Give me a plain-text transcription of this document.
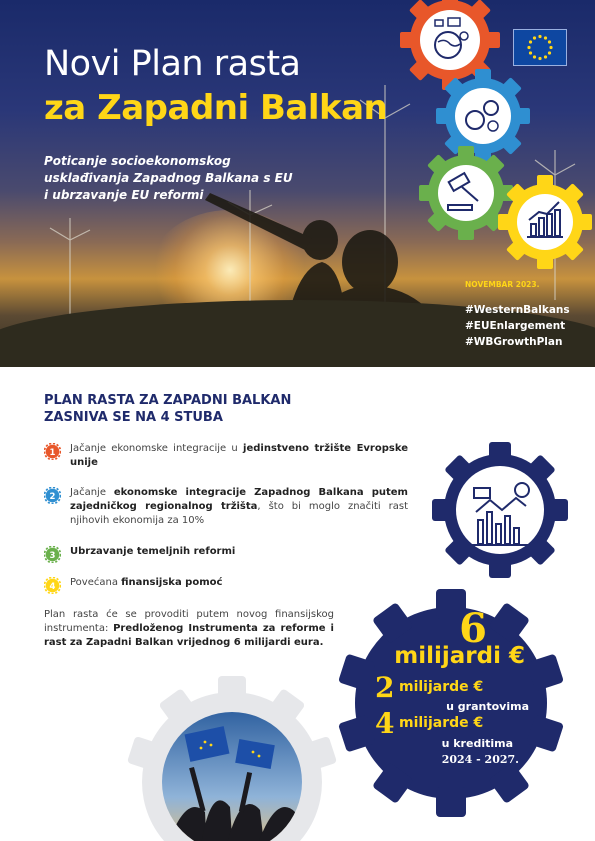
Novi Plan rasta
za Zapadni Balkan
Poticanje socioekonomskog usklađivanja Zapadnog Balkana s EU i ubrzavanje EU reformi
NOVEMBAR 2023.
#WesternBalkans
#EUEnlargement
#WBGrowthPlan
PLAN RASTA ZA ZAPADNI BALKAN
ZASNIVA SE NA 4 STUBA
1 Jačanje ekonomske integracije u jedinstveno tržište Evropske unije
2 Jačanje ekonomske integracije Zapadnog Balkana putem zajedničkog regionalnog tržišta, što bi moglo značiti rast njihovih ekonomija za 10%
3 Ubrzavanje temeljnih reformi
4 Povećana finansijska pomoć
Plan rasta će se provoditi putem novog finansijskog instrumenta: Predloženog Instrumenta za reforme i rast za Zapadni Balkan vrijednog 6 milijardi eura.	6
milijardi €
2 milijarde €
u grantovima
4 milijarde €
u kreditima
2024 - 2027.
